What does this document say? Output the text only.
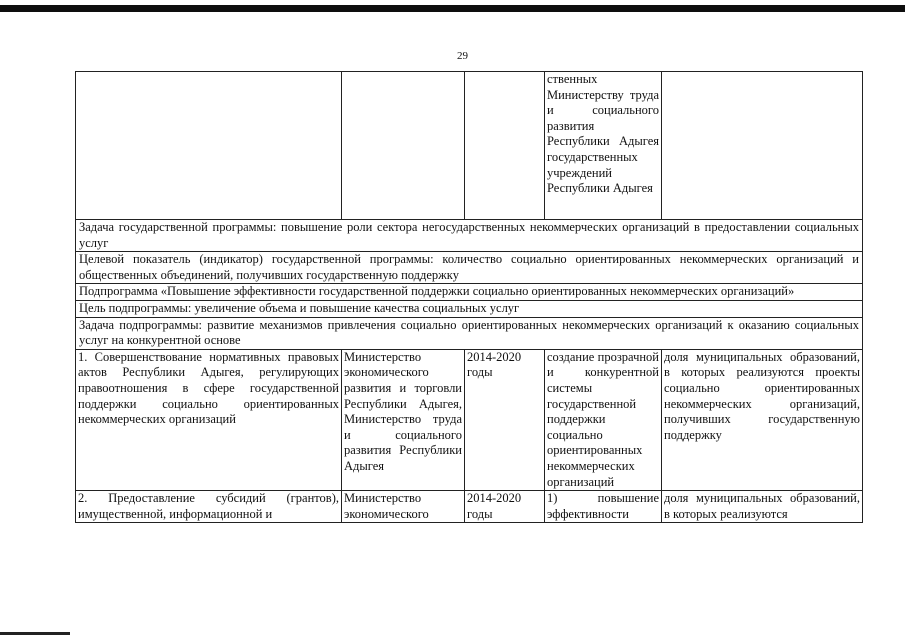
29

			ственных Министерству труда и социального развития Республики Адыгея государственных учреждений Республики Адыгея	

Задача государственной программы: повышение роли сектора негосударственных некоммерческих организаций в предоставлении социальных услуг				
Целевой показатель (индикатор) государственной программы: количество социально ориентированных некоммерческих организаций и общественных объединений, получивших государственную поддержку				
Подпрограмма «Повышение эффективности государственной поддержки социально ориентированных некоммерческих организаций»				
Цель подпрограммы: увеличение объема и повышение качества социальных услуг				
Задача подпрограммы: развитие механизмов привлечения социально ориентированных некоммерческих организаций к оказанию социальных услуг на конкурентной основе				
1. Совершенствование нормативных правовых актов Республики Адыгея, регулирующих правоотношения в сфере государственной поддержки социально ориентированных некоммерческих организаций	Министерство экономического развития и торговли Республики Адыгея, Министерство труда и социального развития Республики Адыгея	2014-2020 годы	создание прозрачной и конкурентной системы государственной поддержки социально ориентированных некоммерческих организаций	доля муниципальных образований, в которых реализуются проекты социально ориентированных некоммерческих организаций, получивших государственную поддержку
2. Предоставление субсидий (грантов), имущественной, информационной и	Министерство экономического	2014-2020 годы	1) повышение эффективности	доля муниципальных образований, в которых реализуются
